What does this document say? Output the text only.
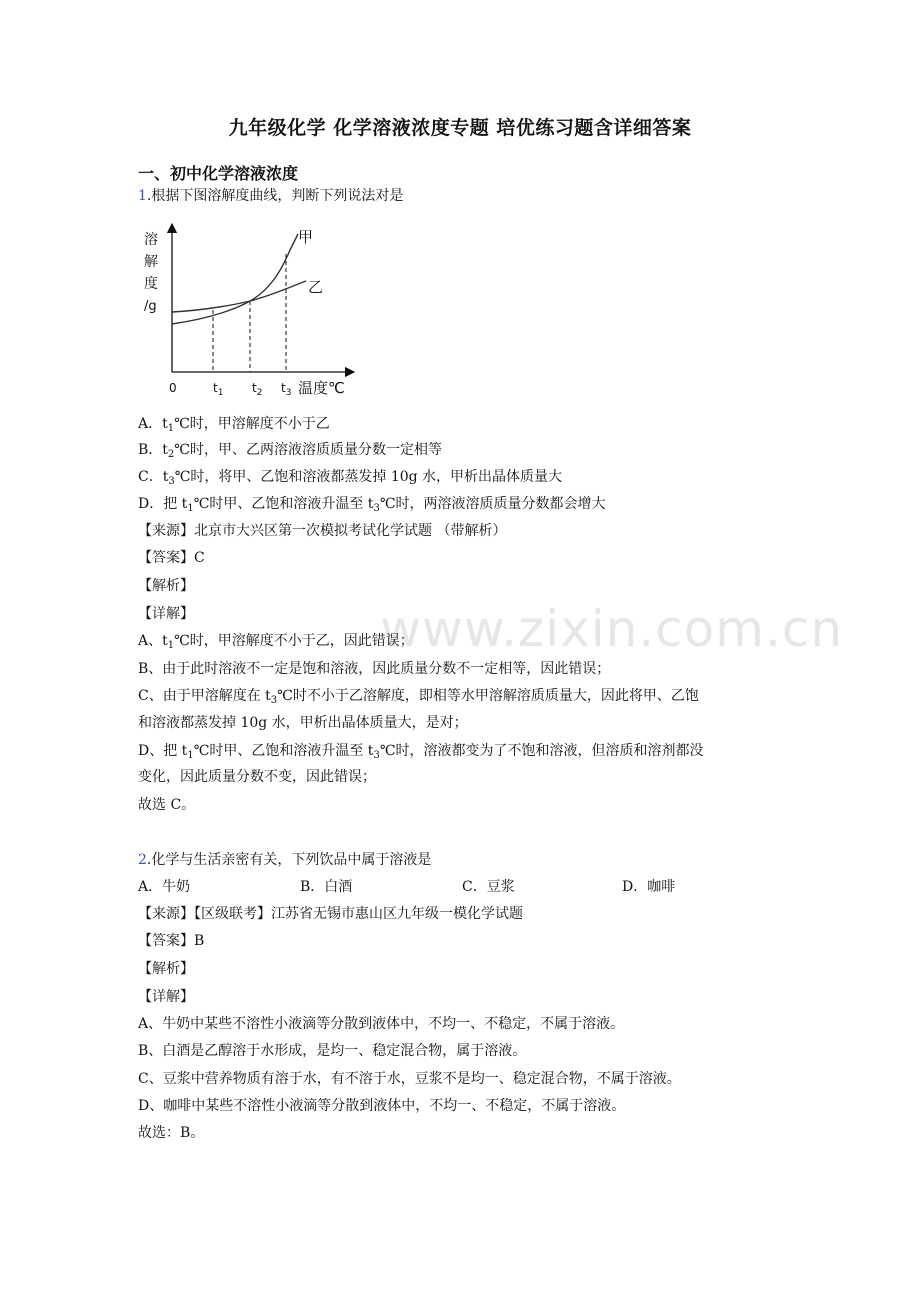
www.zixin.com.cn
九年级化学 化学溶液浓度专题 培优练习题含详细答案
一、初中化学溶液浓度
1.根据下图溶解度曲线，判断下列说法对是
溶
解
度
/g
甲
乙
0	$t_1$ $t_2$ $t_3$ 温度℃
A．$t_1℃$时，甲溶解度不小于乙
B．$t_2℃$时，甲、乙两溶液溶质质量分数一定相等
C．$t_3℃$时，将甲、乙饱和溶液都蒸发掉 10g 水，甲析出晶体质量大
D．把 $t_1℃$时甲、乙饱和溶液升温至 $t_3℃$时，两溶液溶质质量分数都会增大
【来源】北京市大兴区第一次模拟考试化学试题 （带解析）
【答案】C
【解析】
【详解】
A、$t_1℃$时，甲溶解度不小于乙，因此错误；
B、由于此时溶液不一定是饱和溶液，因此质量分数不一定相等，因此错误；
C、由于甲溶解度在 $t_3℃$时不小于乙溶解度，即相等水甲溶解溶质质量大，因此将甲、乙饱
和溶液都蒸发掉 10g 水，甲析出晶体质量大，是对；
D、把 $t_1℃$时甲、乙饱和溶液升温至 $t_3℃$时，溶液都变为了不饱和溶液，但溶质和溶剂都没
变化，因此质量分数不变，因此错误；
故选 C。
2.化学与生活亲密有关，下列饮品中属于溶液是
A．牛奶	B．白酒	C．豆浆	D．咖啡
【来源】【区级联考】江苏省无锡市惠山区九年级一模化学试题
【答案】B
【解析】
【详解】
A、牛奶中某些不溶性小液滴等分散到液体中，不均一、不稳定，不属于溶液。
B、白酒是乙醇溶于水形成，是均一、稳定混合物，属于溶液。
C、豆浆中营养物质有溶于水，有不溶于水，豆浆不是均一、稳定混合物，不属于溶液。
D、咖啡中某些不溶性小液滴等分散到液体中，不均一、不稳定，不属于溶液。
故选：B。
